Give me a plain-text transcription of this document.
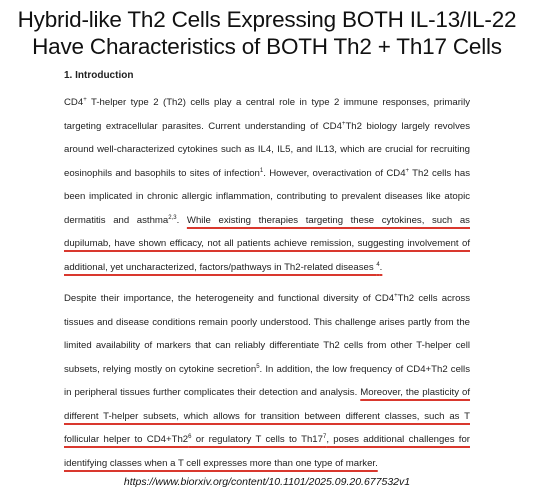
Hybrid-like Th2 Cells Expressing BOTH IL-13/IL-22
Have Characteristics of BOTH Th2 + Th17 Cells
1. Introduction
CD4+ T-helper type 2 (Th2) cells play a central role in type 2 immune responses, primarily targeting extracellular parasites. Current understanding of CD4+Th2 biology largely revolves around well-characterized cytokines such as IL4, IL5, and IL13, which are crucial for recruiting eosinophils and basophils to sites of infection$^1$. However, overactivation of CD4+ Th2 cells has been implicated in chronic allergic inflammation, contributing to prevalent diseases like atopic dermatitis and asthma$^{2,3}$. While existing therapies targeting these cytokines, such as dupilumab, have shown efficacy, not all patients achieve remission, suggesting involvement of additional, yet uncharacterized, factors/pathways in Th2-related diseases $^4$.
Despite their importance, the heterogeneity and functional diversity of CD4+Th2 cells across tissues and disease conditions remain poorly understood. This challenge arises partly from the limited availability of markers that can reliably differentiate Th2 cells from other T-helper cell subsets, relying mostly on cytokine secretion$^5$. In addition, the low frequency of CD4+Th2 cells in peripheral tissues further complicates their detection and analysis. Moreover, the plasticity of different T-helper subsets, which allows for transition between different classes, such as T follicular helper to $CD4+Th2^6$ or regulatory T cells to $Th17^7$, poses additional challenges for identifying classes when a T cell expresses more than one type of marker.
https://www.biorxiv.org/content/10.1101/2025.09.20.677532v1
